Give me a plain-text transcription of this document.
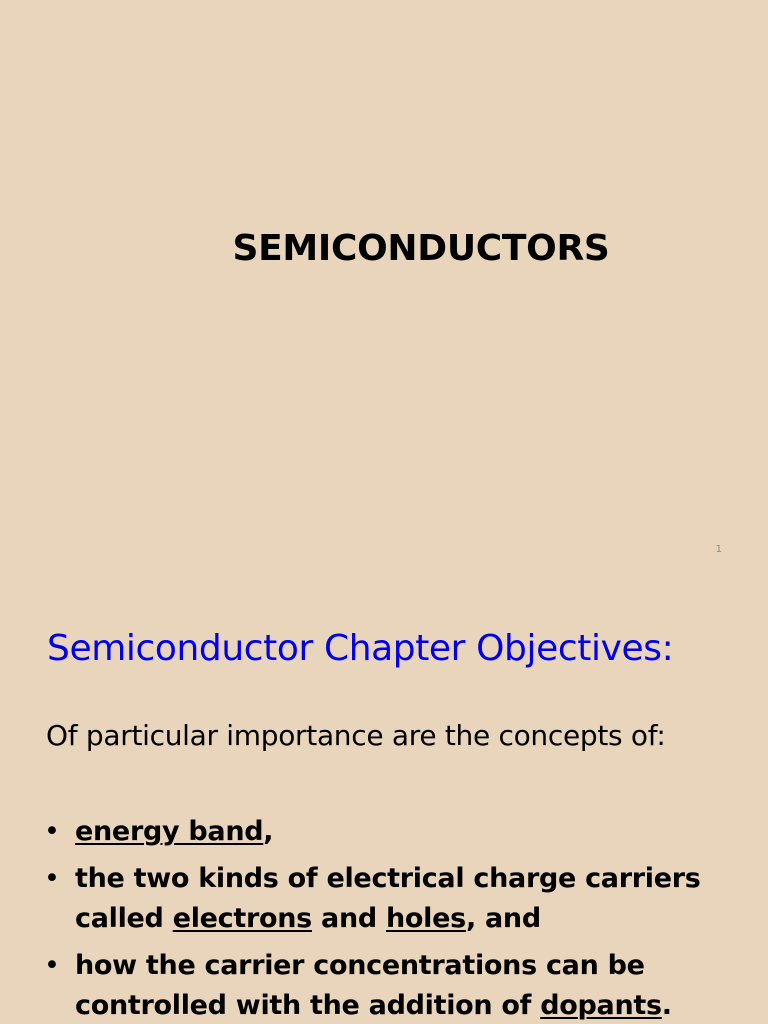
SEMICONDUCTORS

1

Semiconductor Chapter Objectives:

Of particular importance are the concepts of:

• energy band,
• the two kinds of electrical charge carriers called electrons and holes, and
• how the carrier concentrations can be controlled with the addition of dopants.
